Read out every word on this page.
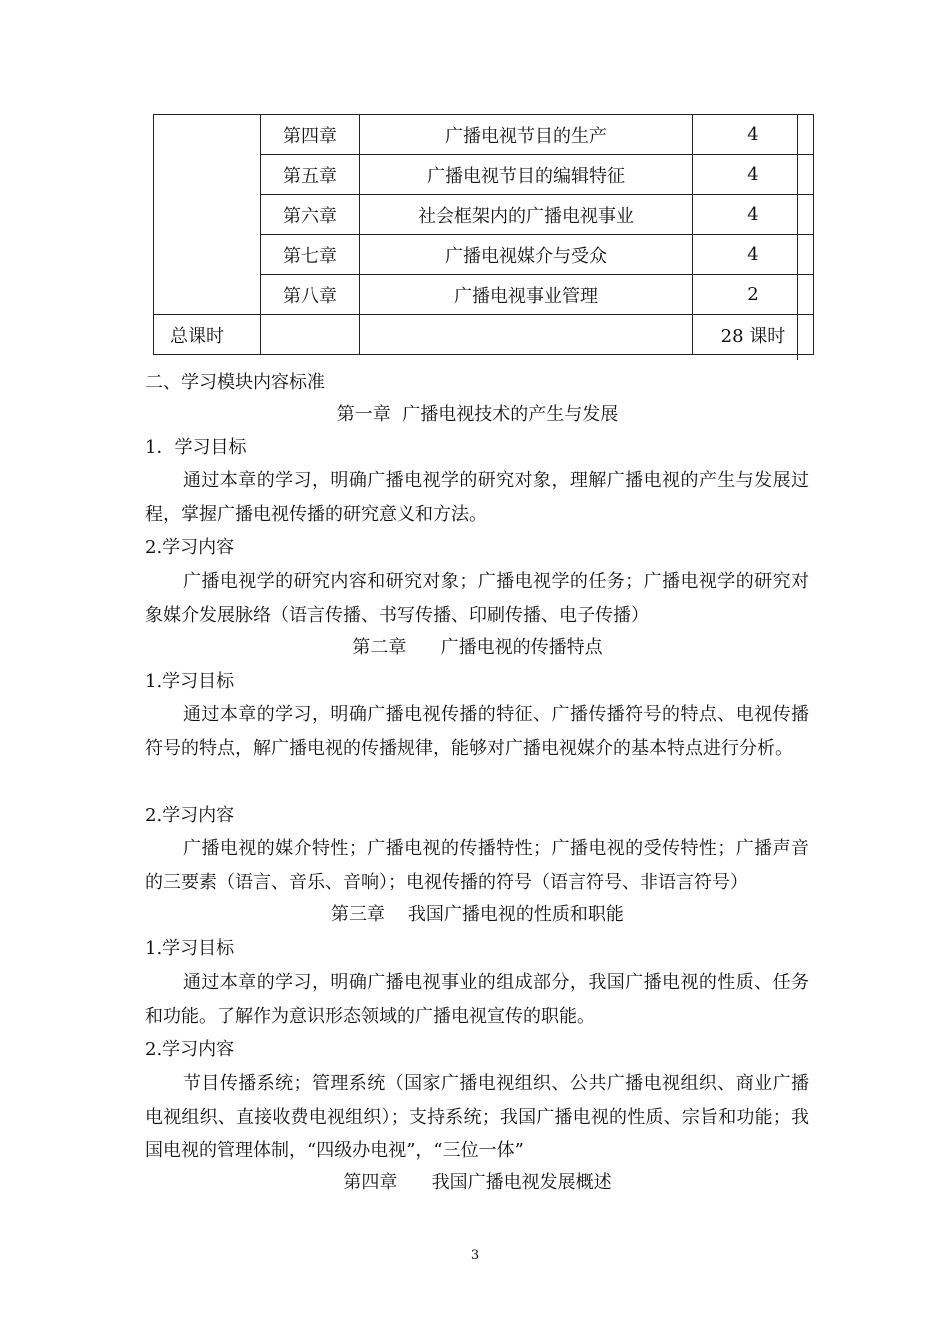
	第四章	广播电视节目的生产	4
	第五章	广播电视节目的编辑特征	4
	第六章	社会框架内的广播电视事业	4
	第七章	广播电视媒介与受众	4
	第八章	广播电视事业管理	2
总课时			28 课时
二、学习模块内容标准
第一章  广播电视技术的产生与发展
1．学习目标
通过本章的学习，明确广播电视学的研究对象，理解广播电视的产生与发展过程，掌握广播电视传播的研究意义和方法。
2.学习内容
广播电视学的研究内容和研究对象；广播电视学的任务；广播电视学的研究对象媒介发展脉络（语言传播、书写传播、印刷传播、电子传播）
第二章      广播电视的传播特点
1.学习目标
通过本章的学习，明确广播电视传播的特征、广播传播符号的特点、电视传播符号的特点，解广播电视的传播规律，能够对广播电视媒介的基本特点进行分析。
2.学习内容
广播电视的媒介特性；广播电视的传播特性；广播电视的受传特性；广播声音的三要素（语言、音乐、音响）；电视传播的符号（语言符号、非语言符号）
第三章    我国广播电视的性质和职能
1.学习目标
通过本章的学习，明确广播电视事业的组成部分，我国广播电视的性质、任务和功能。了解作为意识形态领域的广播电视宣传的职能。
2.学习内容
节目传播系统；管理系统（国家广播电视组织、公共广播电视组织、商业广播电视组织、直接收费电视组织）；支持系统；我国广播电视的性质、宗旨和功能；我国电视的管理体制，“四级办电视”，“三位一体”
第四章      我国广播电视发展概述
3
